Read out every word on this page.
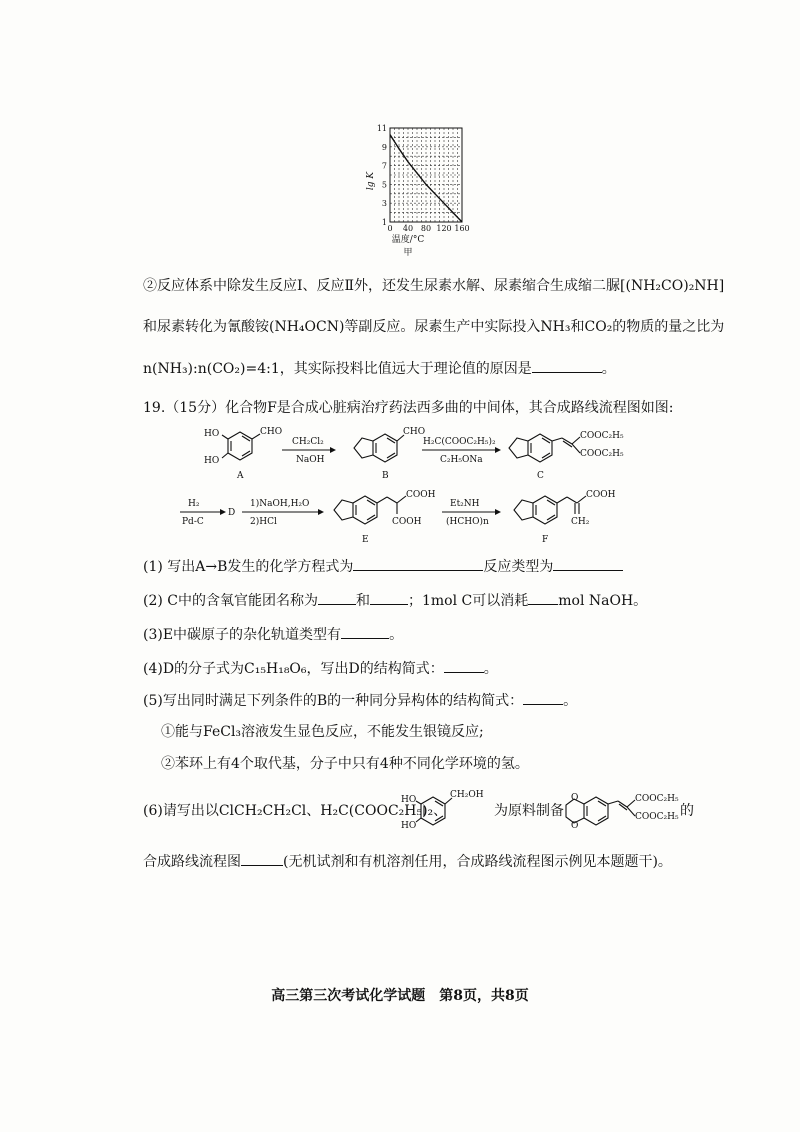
0 40 80 120 160
1
3
5
7
9
11
lg K
温度/°C
甲
②反应体系中除发生反应Ⅰ、反应Ⅱ外，还发生尿素水解、尿素缩合生成缩二脲[(NH₂CO)₂NH]
和尿素转化为氰酸铵(NH₄OCN)等副反应。尿素生产中实际投入NH₃和CO₂的物质的量之比为
n(NH₃):n(CO₂)=4:1，其实际投料比值远大于理论值的原因是	。
19.（15分）化合物F是合成心脏病治疗药法西多曲的中间体，其合成路线流程图如图:
HO
HO
CHO
A
CH₂Cl₂
NaOH
CHO
B
H₂C(COOC₂H₅)₂
C₂H₅ONa
COOC₂H₅
COOC₂H₅
C
H₂
Pd-C
D
1)NaOH,H₂O
2)HCl
COOH
COOH
E
Et₂NH
(HCHO)n
COOH
CH₂
F
(1) 写出A→B发生的化学方程式为	反应类型为
(2) C中的含氧官能团名称为	和	；1mol C可以消耗 mol NaOH。
(3)E中碳原子的杂化轨道类型有	。
(4)D的分子式为C₁₅H₁₈O₆，写出D的结构简式：	。
(5)写出同时满足下列条件的B的一种同分异构体的结构简式：	。
①能与FeCl₃溶液发生显色反应，不能发生银镜反应;
②苯环上有4个取代基，分子中只有4种不同化学环境的氢。
(6)请写出以ClCH₂CH₂Cl、H₂C(COOC₂H₅)₂、
HO
HO
CH₂OH
为原料制备
O
O
COOC₂H₅
COOC₂H₅ 的
合成路线流程图	(无机试剂和有机溶剂任用，合成路线流程图示例见本题题干)。
高三第三次考试化学试题　第8页，共8页
